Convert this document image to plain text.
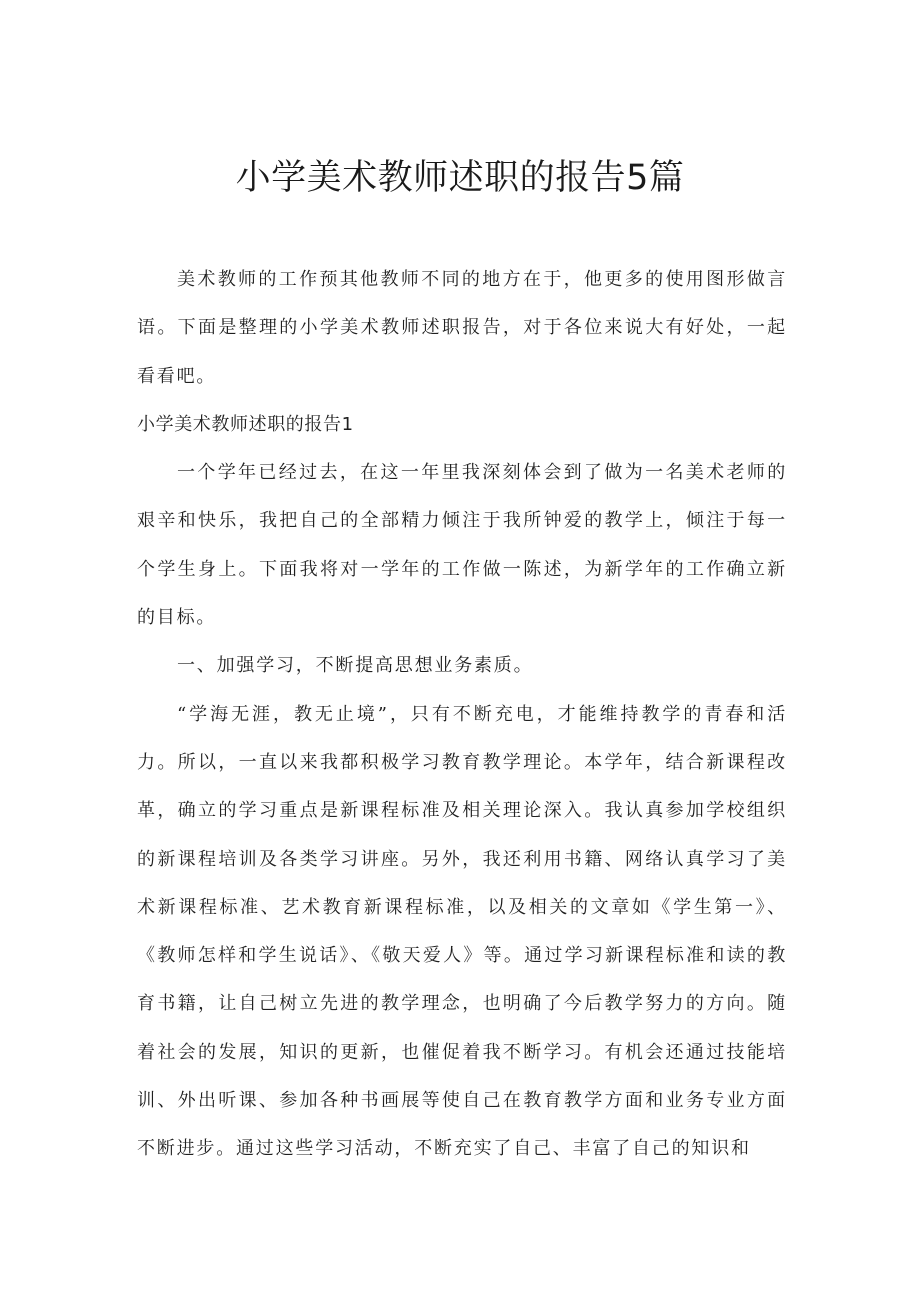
小学美术教师述职的报告5篇

美术教师的工作预其他教师不同的地方在于，他更多的使用图形做言语。下面是整理的小学美术教师述职报告，对于各位来说大有好处，一起看看吧。

小学美术教师述职的报告1

一个学年已经过去，在这一年里我深刻体会到了做为一名美术老师的艰辛和快乐，我把自己的全部精力倾注于我所钟爱的教学上，倾注于每一个学生身上。下面我将对一学年的工作做一陈述，为新学年的工作确立新的目标。

一、加强学习，不断提高思想业务素质。

“学海无涯，教无止境”，只有不断充电，才能维持教学的青春和活力。所以，一直以来我都积极学习教育教学理论。本学年，结合新课程改革，确立的学习重点是新课程标准及相关理论深入。我认真参加学校组织的新课程培训及各类学习讲座。另外，我还利用书籍、网络认真学习了美术新课程标准、艺术教育新课程标准，以及相关的文章如《学生第一》、《教师怎样和学生说话》、《敬天爱人》等。通过学习新课程标准和读的教育书籍，让自己树立先进的教学理念，也明确了今后教学努力的方向。随着社会的发展，知识的更新，也催促着我不断学习。有机会还通过技能培训、外出听课、参加各种书画展等使自己在教育教学方面和业务专业方面不断进步。通过这些学习活动，不断充实了自己、丰富了自己的知识和
